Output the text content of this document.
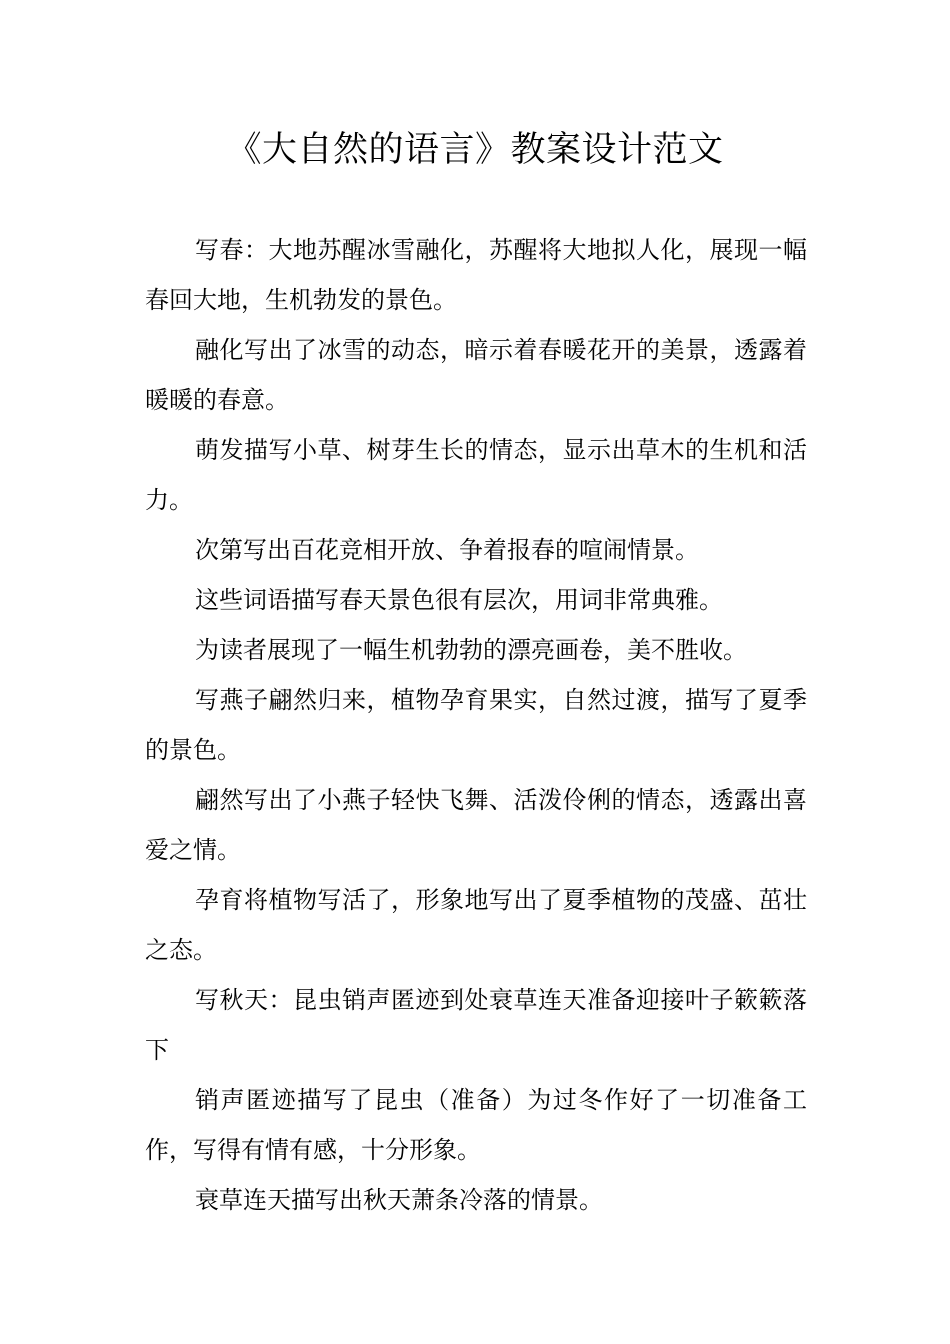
《大自然的语言》教案设计范文

写春：大地苏醒冰雪融化，苏醒将大地拟人化，展现一幅春回大地，生机勃发的景色。

融化写出了冰雪的动态，暗示着春暖花开的美景，透露着暖暖的春意。

萌发描写小草、树芽生长的情态，显示出草木的生机和活力。

次第写出百花竞相开放、争着报春的喧闹情景。

这些词语描写春天景色很有层次，用词非常典雅。

为读者展现了一幅生机勃勃的漂亮画卷，美不胜收。

写燕子翩然归来，植物孕育果实，自然过渡，描写了夏季的景色。

翩然写出了小燕子轻快飞舞、活泼伶俐的情态，透露出喜爱之情。

孕育将植物写活了，形象地写出了夏季植物的茂盛、茁壮之态。

写秋天：昆虫销声匿迹到处衰草连天准备迎接叶子簌簌落下

销声匿迹描写了昆虫（准备）为过冬作好了一切准备工作，写得有情有感，十分形象。

衰草连天描写出秋天萧条冷落的情景。
